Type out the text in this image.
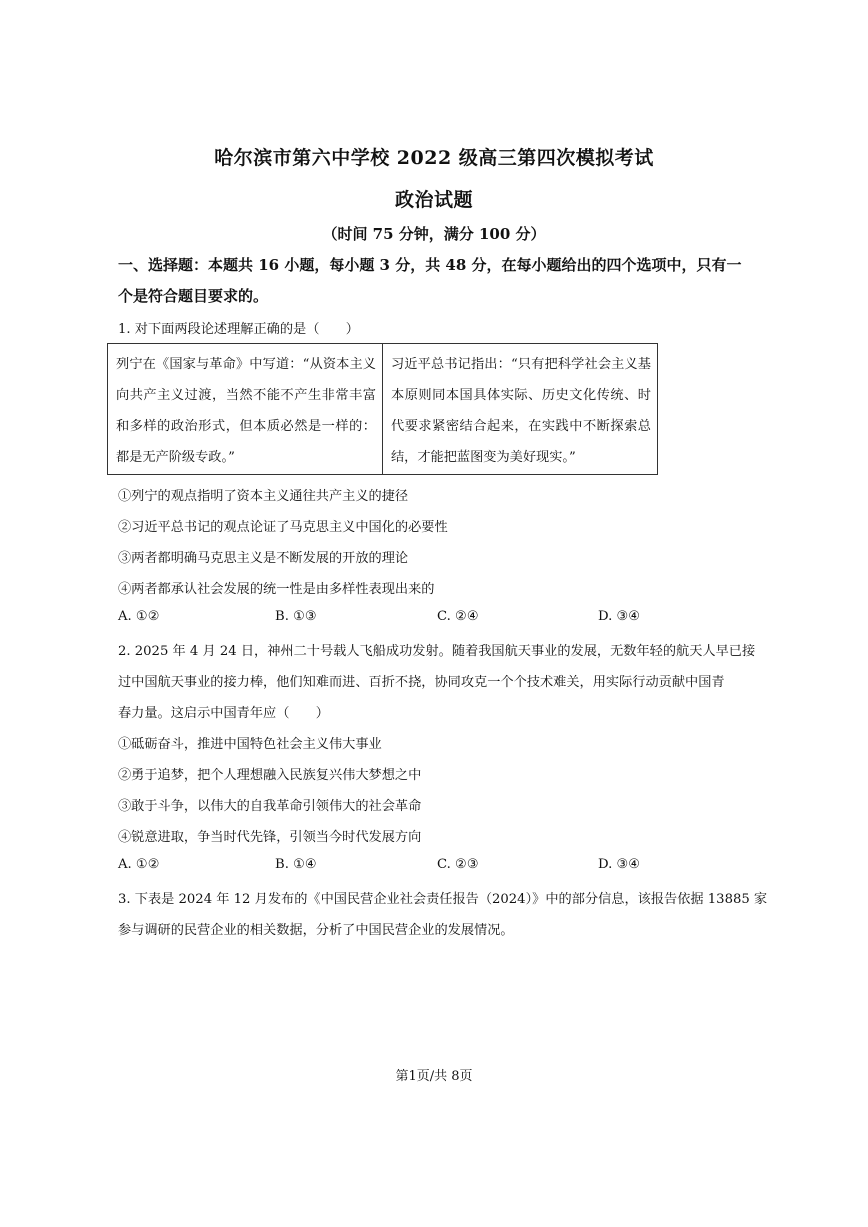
哈尔滨市第六中学校 2022 级高三第四次模拟考试
政治试题
（时间 75 分钟，满分 100 分）
一、选择题：本题共 16 小题，每小题 3 分，共 48 分，在每小题给出的四个选项中，只有一
个是符合题目要求的。
1. 对下面两段论述理解正确的是（　　）
列宁在《国家与革命》中写道：“从资本主义向共产主义过渡，当然不能不产生非常丰富和多样的政治形式，但本质必然是一样的：都是无产阶级专政。”	习近平总书记指出：“只有把科学社会主义基本原则同本国具体实际、历史文化传统、时代要求紧密结合起来，在实践中不断探索总结，才能把蓝图变为美好现实。”
①列宁的观点指明了资本主义通往共产主义的捷径
②习近平总书记的观点论证了马克思主义中国化的必要性
③两者都明确马克思主义是不断发展的开放的理论
④两者都承认社会发展的统一性是由多样性表现出来的
A. ①②	B. ①③	C. ②④	D. ③④
2. 2025 年 4 月 24 日，神州二十号载人飞船成功发射。随着我国航天事业的发展，无数年轻的航天人早已接
过中国航天事业的接力棒，他们知难而进、百折不挠，协同攻克一个个技术难关，用实际行动贡献中国青
春力量。这启示中国青年应（　　）
①砥砺奋斗，推进中国特色社会主义伟大事业
②勇于追梦，把个人理想融入民族复兴伟大梦想之中
③敢于斗争，以伟大的自我革命引领伟大的社会革命
④锐意进取，争当时代先锋，引领当今时代发展方向
A. ①②	B. ①④	C. ②③	D. ③④
3. 下表是 2024 年 12 月发布的《中国民营企业社会责任报告（2024）》中的部分信息，该报告依据 13885 家
参与调研的民营企业的相关数据，分析了中国民营企业的发展情况。
第1页/共 8页
